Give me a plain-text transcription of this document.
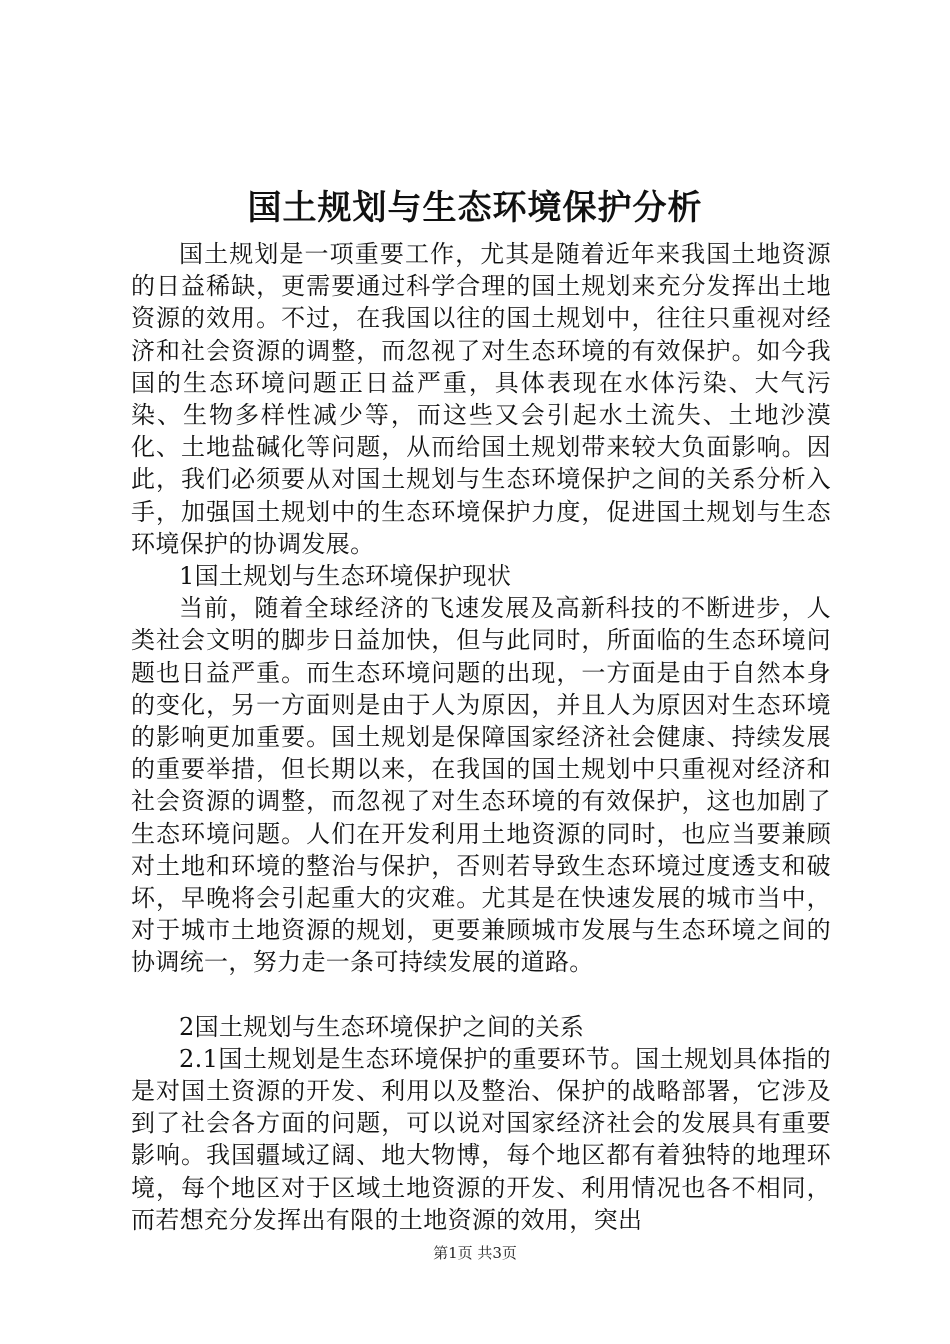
国土规划与生态环境保护分析

国土规划是一项重要工作，尤其是随着近年来我国土地资源的日益稀缺，更需要通过科学合理的国土规划来充分发挥出土地资源的效用。不过，在我国以往的国土规划中，往往只重视对经济和社会资源的调整，而忽视了对生态环境的有效保护。如今我国的生态环境问题正日益严重，具体表现在水体污染、大气污染、生物多样性减少等，而这些又会引起水土流失、土地沙漠化、土地盐碱化等问题，从而给国土规划带来较大负面影响。因此，我们必须要从对国土规划与生态环境保护之间的关系分析入手，加强国土规划中的生态环境保护力度，促进国土规划与生态环境保护的协调发展。

1国土规划与生态环境保护现状

当前，随着全球经济的飞速发展及高新科技的不断进步，人类社会文明的脚步日益加快，但与此同时，所面临的生态环境问题也日益严重。而生态环境问题的出现，一方面是由于自然本身的变化，另一方面则是由于人为原因，并且人为原因对生态环境的影响更加重要。国土规划是保障国家经济社会健康、持续发展的重要举措，但长期以来，在我国的国土规划中只重视对经济和社会资源的调整，而忽视了对生态环境的有效保护，这也加剧了生态环境问题。人们在开发利用土地资源的同时，也应当要兼顾对土地和环境的整治与保护，否则若导致生态环境过度透支和破坏，早晚将会引起重大的灾难。尤其是在快速发展的城市当中，对于城市土地资源的规划，更要兼顾城市发展与生态环境之间的协调统一，努力走一条可持续发展的道路。

2国土规划与生态环境保护之间的关系

2.1国土规划是生态环境保护的重要环节。国土规划具体指的是对国土资源的开发、利用以及整治、保护的战略部署，它涉及到了社会各方面的问题，可以说对国家经济社会的发展具有重要影响。我国疆域辽阔、地大物博，每个地区都有着独特的地理环境，每个地区对于区域土地资源的开发、利用情况也各不相同，而若想充分发挥出有限的土地资源的效用，突出

第1页 共3页
